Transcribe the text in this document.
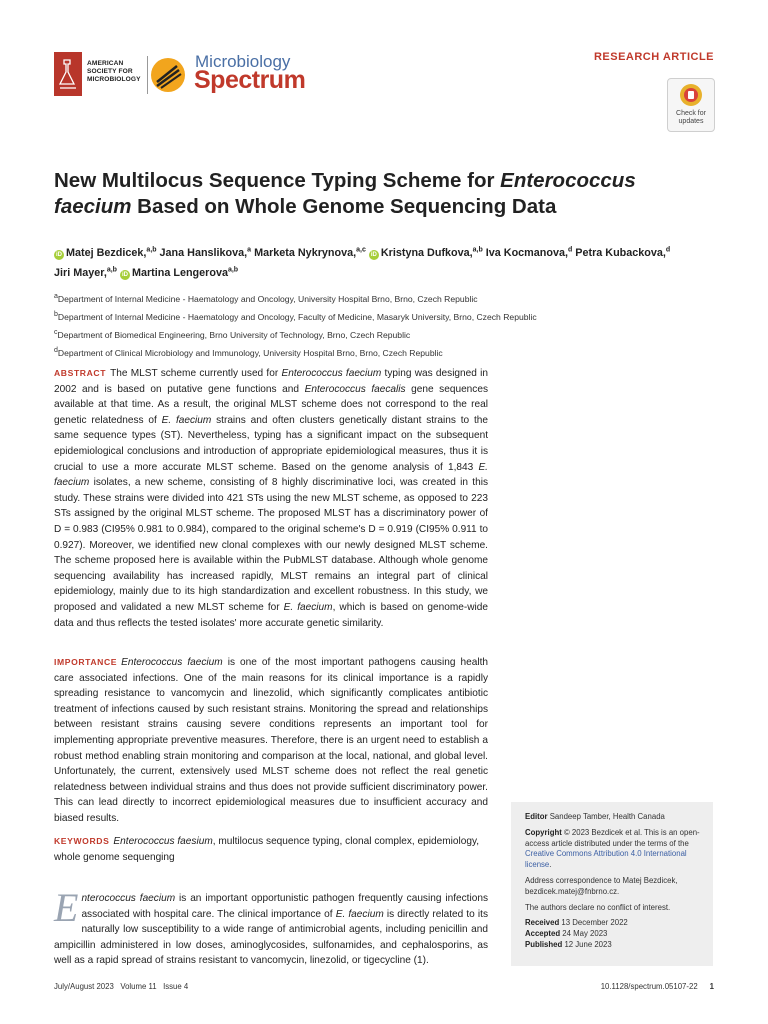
AMERICAN
SOCIETY FOR
MICROBIOLOGY
Microbiology
Spectrum
RESEARCH ARTICLE
Check for
updates
New Multilocus Sequence Typing Scheme for Enterococcus faecium Based on Whole Genome Sequencing Data
iD Matej Bezdicek,$^{a,b}$ Jana Hanslikova,$^a$ Marketa Nykrynova,$^{a,c}$ iD Kristyna Dufkova,$^{a,b}$ Iva Kocmanova,$^d$ Petra Kubackova,$^d$
Jiri Mayer,$^{a,b}$ iD Martina Lengerova$^{a,b}$
$^a$Department of Internal Medicine - Haematology and Oncology, University Hospital Brno, Brno, Czech Republic
$^b$Department of Internal Medicine - Haematology and Oncology, Faculty of Medicine, Masaryk University, Brno, Czech Republic
$^c$Department of Biomedical Engineering, Brno University of Technology, Brno, Czech Republic
$^d$Department of Clinical Microbiology and Immunology, University Hospital Brno, Brno, Czech Republic
ABSTRACT The MLST scheme currently used for Enterococcus faecium typing was designed in 2002 and is based on putative gene functions and Enterococcus faecalis gene sequences available at that time. As a result, the original MLST scheme does not correspond to the real genetic relatedness of E. faecium strains and often clusters genetically distant strains to the same sequence types (ST). Nevertheless, typing has a significant impact on the subsequent epidemiological conclusions and introduction of appropriate epidemiological measures, thus it is crucial to use a more accurate MLST scheme. Based on the genome analysis of 1,843 E. faecium isolates, a new scheme, consisting of 8 highly discriminative loci, was created in this study. These strains were divided into 421 STs using the new MLST scheme, as opposed to 223 STs assigned by the original MLST scheme. The proposed MLST has a discriminatory power of D = 0.983 (CI95% 0.981 to 0.984), compared to the original scheme's D = 0.919 (CI95% 0.911 to 0.927). Moreover, we identified new clonal complexes with our newly designed MLST scheme. The scheme proposed here is available within the PubMLST database. Although whole genome sequencing availability has increased rapidly, MLST remains an integral part of clinical epidemiology, mainly due to its high standardization and excellent robustness. In this study, we proposed and validated a new MLST scheme for E. faecium, which is based on genome-wide data and thus reflects the tested isolates' more accurate genetic similarity.
IMPORTANCE Enterococcus faecium is one of the most important pathogens causing health care associated infections. One of the main reasons for its clinical importance is a rapidly spreading resistance to vancomycin and linezolid, which significantly complicates antibiotic treatment of infections caused by such resistant strains. Monitoring the spread and relationships between resistant strains causing severe conditions represents an important tool for implementing appropriate preventive measures. Therefore, there is an urgent need to establish a robust method enabling strain monitoring and comparison at the local, national, and global level. Unfortunately, the current, extensively used MLST scheme does not reflect the real genetic relatedness between individual strains and thus does not provide sufficient discriminatory power. This can lead directly to incorrect epidemiological measures due to insufficient accuracy and biased results.
KEYWORDS Enterococcus faesium, multilocus sequence typing, clonal complex, epidemiology, whole genome sequenging
Enterococcus faecium is an important opportunistic pathogen frequently causing infections associated with hospital care. The clinical importance of E. faecium is directly related to its naturally low susceptibility to a wide range of antimicrobial agents, including penicillin and ampicillin administered in low doses, aminoglycosides, sulfonamides, and cephalosporins, as well as a rapid spread of strains resistant to vancomycin, linezolid, or tigecycline (1).

Editor Sandeep Tamber, Health Canada

Copyright © 2023 Bezdicek et al. This is an open-access article distributed under the terms of the Creative Commons Attribution 4.0 International license.

Address correspondence to Matej Bezdicek, bezdicek.matej@fnbrno.cz.

The authors declare no conflict of interest.

Received 13 December 2022
Accepted 24 May 2023
Published 12 June 2023
July/August 2023   Volume 11   Issue 4	10.1128/spectrum.05107-22 1
